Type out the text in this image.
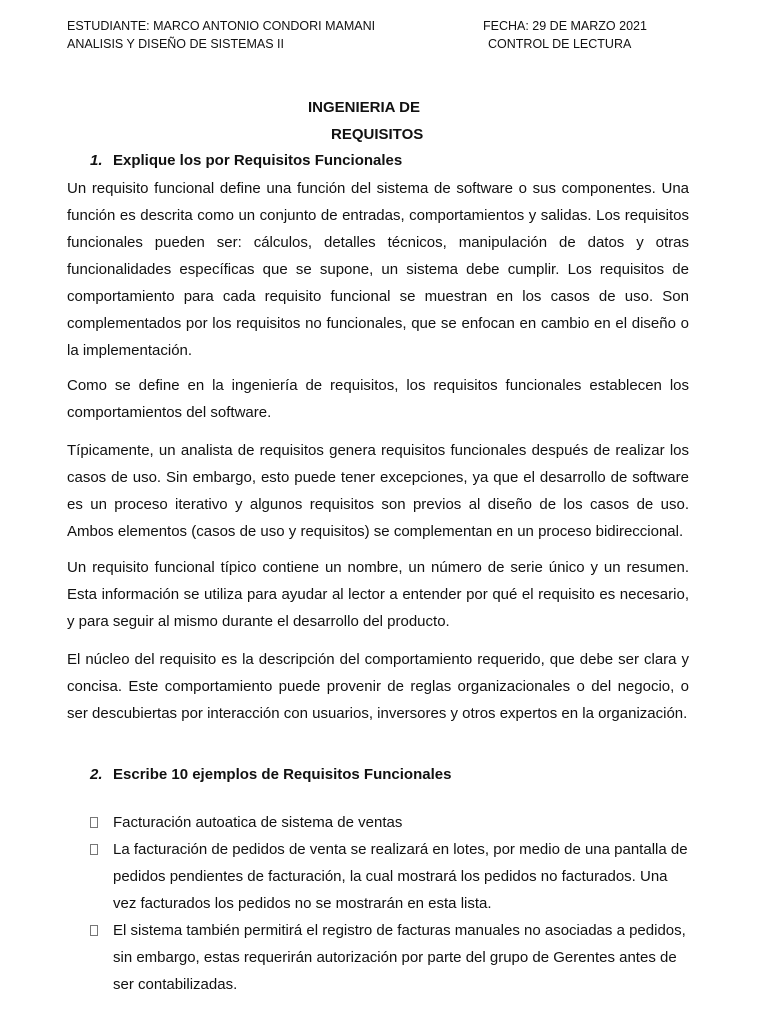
ESTUDIANTE: MARCO ANTONIO CONDORI MAMANI
ANALISIS Y DISEÑO DE SISTEMAS II
FECHA: 29 DE MARZO 2021
CONTROL DE LECTURA
INGENIERIA DE
REQUISITOS
1. Explique los por Requisitos Funcionales
Un requisito funcional define una función del sistema de software o sus componentes. Una función es descrita como un conjunto de entradas, comportamientos y salidas. Los requisitos funcionales pueden ser: cálculos, detalles técnicos, manipulación de datos y otras funcionalidades específicas que se supone, un sistema debe cumplir. Los requisitos de comportamiento para cada requisito funcional se muestran en los casos de uso. Son complementados por los requisitos no funcionales, que se enfocan en cambio en el diseño o la implementación.
Como se define en la ingeniería de requisitos, los requisitos funcionales establecen los comportamientos del software.
Típicamente, un analista de requisitos genera requisitos funcionales después de realizar los casos de uso. Sin embargo, esto puede tener excepciones, ya que el desarrollo de software es un proceso iterativo y algunos requisitos son previos al diseño de los casos de uso. Ambos elementos (casos de uso y requisitos) se complementan en un proceso bidireccional.
Un requisito funcional típico contiene un nombre, un número de serie único y un resumen. Esta información se utiliza para ayudar al lector a entender por qué el requisito es necesario, y para seguir al mismo durante el desarrollo del producto.
El núcleo del requisito es la descripción del comportamiento requerido, que debe ser clara y concisa. Este comportamiento puede provenir de reglas organizacionales o del negocio, o ser descubiertas por interacción con usuarios, inversores y otros expertos en la organización.
2. Escribe 10 ejemplos de Requisitos Funcionales
Facturación autoatica de sistema de ventas
La facturación de pedidos de venta se realizará en lotes, por medio de una pantalla de pedidos pendientes de facturación, la cual mostrará los pedidos no facturados. Una vez facturados los pedidos no se mostrarán en esta lista.
El sistema también permitirá el registro de facturas manuales no asociadas a pedidos, sin embargo, estas requerirán autorización por parte del grupo de Gerentes antes de ser contabilizadas.
